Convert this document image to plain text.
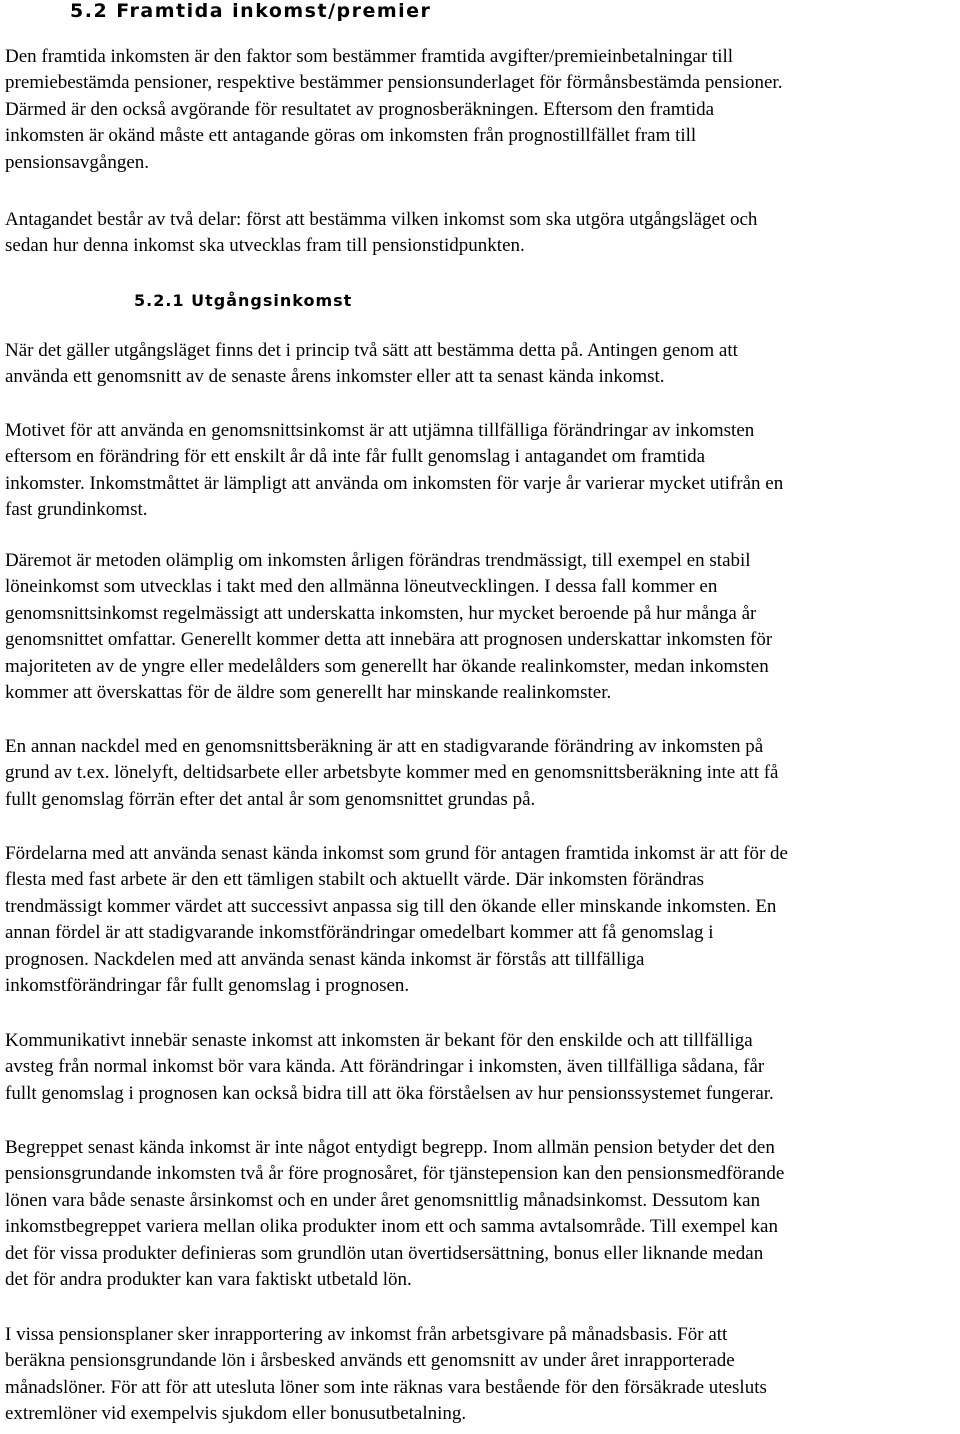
5.2 Framtida inkomst/premier
5.2.1 Utgångsinkomst

Den framtida inkomsten är den faktor som bestämmer framtida avgifter/premieinbetalningar till
premiebestämda pensioner, respektive bestämmer pensionsunderlaget för förmånsbestämda pensioner.
Därmed är den också avgörande för resultatet av prognosberäkningen. Eftersom den framtida
inkomsten är okänd måste ett antagande göras om inkomsten från prognostillfället fram till
pensionsavgången.

Antagandet består av två delar: först att bestämma vilken inkomst som ska utgöra utgångsläget och
sedan hur denna inkomst ska utvecklas fram till pensionstidpunkten.

När det gäller utgångsläget finns det i princip två sätt att bestämma detta på. Antingen genom att
använda ett genomsnitt av de senaste årens inkomster eller att ta senast kända inkomst.

Motivet för att använda en genomsnittsinkomst är att utjämna tillfälliga förändringar av inkomsten
eftersom en förändring för ett enskilt år då inte får fullt genomslag i antagandet om framtida
inkomster. Inkomstmåttet är lämpligt att använda om inkomsten för varje år varierar mycket utifrån en
fast grundinkomst.

Däremot är metoden olämplig om inkomsten årligen förändras trendmässigt, till exempel en stabil
löneinkomst som utvecklas i takt med den allmänna löneutvecklingen. I dessa fall kommer en
genomsnittsinkomst regelmässigt att underskatta inkomsten, hur mycket beroende på hur många år
genomsnittet omfattar. Generellt kommer detta att innebära att prognosen underskattar inkomsten för
majoriteten av de yngre eller medelålders som generellt har ökande realinkomster, medan inkomsten
kommer att överskattas för de äldre som generellt har minskande realinkomster.

En annan nackdel med en genomsnittsberäkning är att en stadigvarande förändring av inkomsten på
grund av t.ex. lönelyft, deltidsarbete eller arbetsbyte kommer med en genomsnittsberäkning inte att få
fullt genomslag förrän efter det antal år som genomsnittet grundas på.

Fördelarna med att använda senast kända inkomst som grund för antagen framtida inkomst är att för de
flesta med fast arbete är den ett tämligen stabilt och aktuellt värde. Där inkomsten förändras
trendmässigt kommer värdet att successivt anpassa sig till den ökande eller minskande inkomsten. En
annan fördel är att stadigvarande inkomstförändringar omedelbart kommer att få genomslag i
prognosen. Nackdelen med att använda senast kända inkomst är förstås att tillfälliga
inkomstförändringar får fullt genomslag i prognosen.

Kommunikativt innebär senaste inkomst att inkomsten är bekant för den enskilde och att tillfälliga
avsteg från normal inkomst bör vara kända. Att förändringar i inkomsten, även tillfälliga sådana, får
fullt genomslag i prognosen kan också bidra till att öka förståelsen av hur pensionssystemet fungerar.

Begreppet senast kända inkomst är inte något entydigt begrepp. Inom allmän pension betyder det den
pensionsgrundande inkomsten två år före prognosåret, för tjänstepension kan den pensionsmedförande
lönen vara både senaste årsinkomst och en under året genomsnittlig månadsinkomst. Dessutom kan
inkomstbegreppet variera mellan olika produkter inom ett och samma avtalsområde. Till exempel kan
det för vissa produkter definieras som grundlön utan övertidsersättning, bonus eller liknande medan
det för andra produkter kan vara faktiskt utbetald lön.

I vissa pensionsplaner sker inrapportering av inkomst från arbetsgivare på månadsbasis. För att
beräkna pensionsgrundande lön i årsbesked används ett genomsnitt av under året inrapporterade
månadslöner. För att för att utesluta löner som inte räknas vara bestående för den försäkrade utesluts
extremlöner vid exempelvis sjukdom eller bonusutbetalning.
